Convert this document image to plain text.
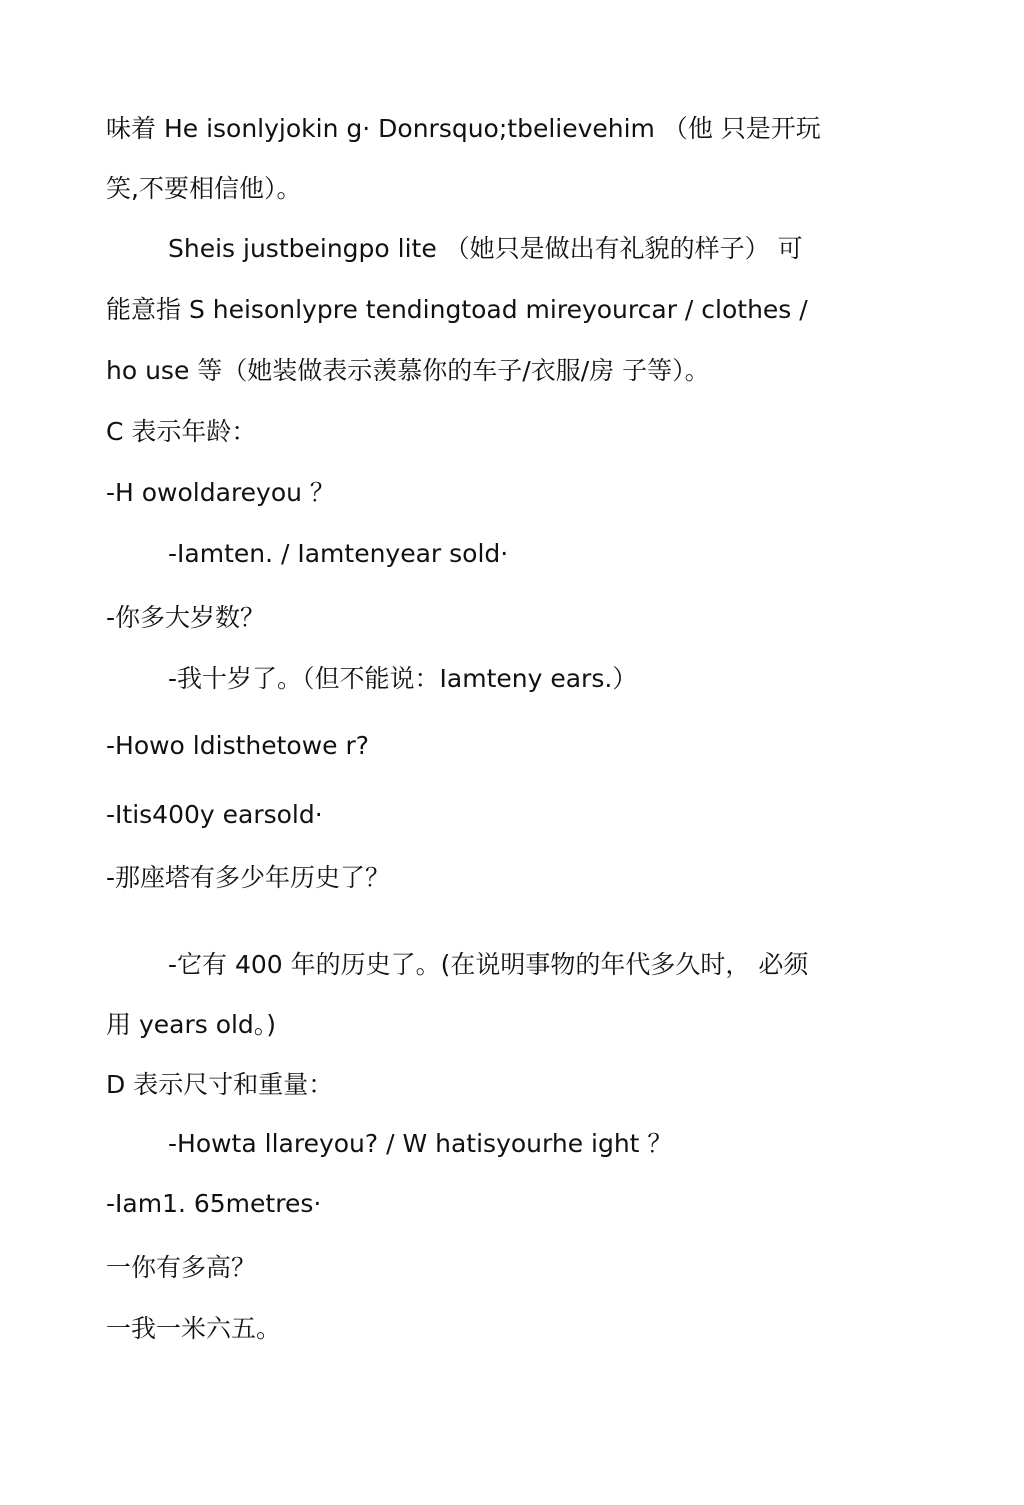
味着 He isonlyjokin g· Donrsquo;tbelievehim （他 只是开玩
笑,不要相信他）。
Sheis justbeingpo lite （她只是做出有礼貌的样子） 可
能意指 S heisonlypre tendingtoad mireyourcar / clothes /
ho use 等（她装做表示羡慕你的车子/衣服/房 子等）。
C 表示年龄：
-H owoldareyou ？
-Iamten. / Iamtenyear sold·
-你多大岁数？
-我十岁了。（但不能说：Iamteny ears.）
-Howo ldisthetowe r?
-Itis400y earsold·
-那座塔有多少年历史了？
-它有 400 年的历史了。(在说明事物的年代多久时， 必须
用 years old。)
D 表示尺寸和重量：
-Howta llareyou? / W hatisyourhe ight ？
-Iam1. 65metres·
一你有多高？
一我一米六五。
